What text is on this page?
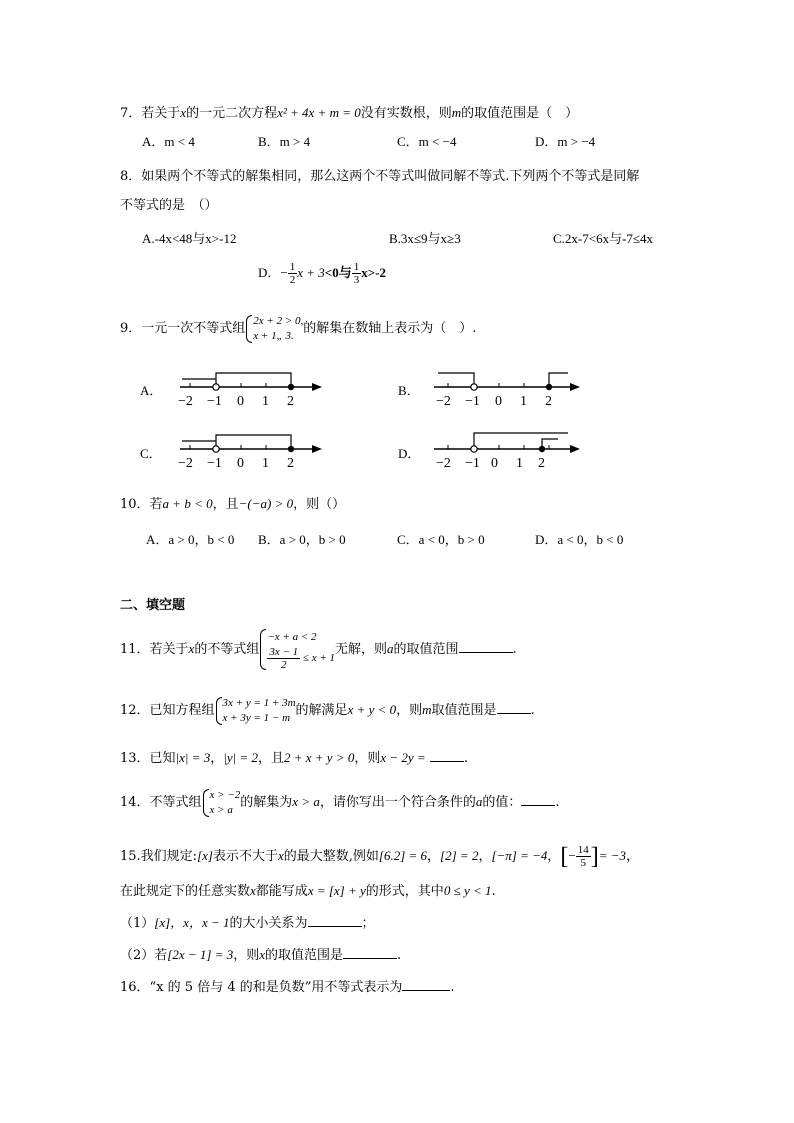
7．若关于x的一元二次方程x² + 4x + m = 0没有实数根，则m的取值范围是（　）
A．m < 4	B．m > 4	C．m < −4	D．m > −4
8．如果两个不等式的解集相同，那么这两个不等式叫做同解不等式.下列两个不等式是同解
不等式的是　（）
A.-4x<48与x>-12	B.3x≤9与x≥3	C.2x-7<6x与-7≤4x
D．− $\frac{1}{2}$ x + 3<0与 $\frac{1}{3} x>-2$
9．一元一次不等式组
2x + 2 > 0,
x + 1„ 3. 的解集在数轴上表示为（　）.
A．
−2 −1 0 1 2
B．
−2 −1 0 1 2
C．
−2 −1 0 1 2
D．
−2 −1 0 1 2
10．若a + b < 0，且−(−a) > 0，则（）
A．a > 0，b < 0 B．a > 0，b > 0	C．a < 0，b > 0	D．a < 0，b < 0
二、填空题
11．若关于x的不等式组
−x + a < 2
$\frac{3x - 1}{2} \le x + 1$
无解，则a的取值范围	.
12．已知方程组
3x + y = 1 + 3m
x + 3y = 1 − m 的解满足x + y < 0，则m取值范围是	.
13．已知|x| = 3，|y| = 2，且2 + x + y > 0，则x − 2y =	.
14．不等式组
x > −2
x > a 的解集为x > a，请你写出一个符合条件的a的值：	.
15.我们规定:[x]表示不大于x的最大整数,例如[6.2] = 6，[2] = 2，[−π] = −4，[− $\frac{14}{5}$ ]= −3，
在此规定下的任意实数x都能写成x = [x] + y的形式，其中0 ≤ y < 1.
（1）[x]，x，x − 1的大小关系为	；
（2）若[2x − 1] = 3，则x的取值范围是	.
16．“x 的 5 倍与 4 的和是负数”用不等式表示为	.
